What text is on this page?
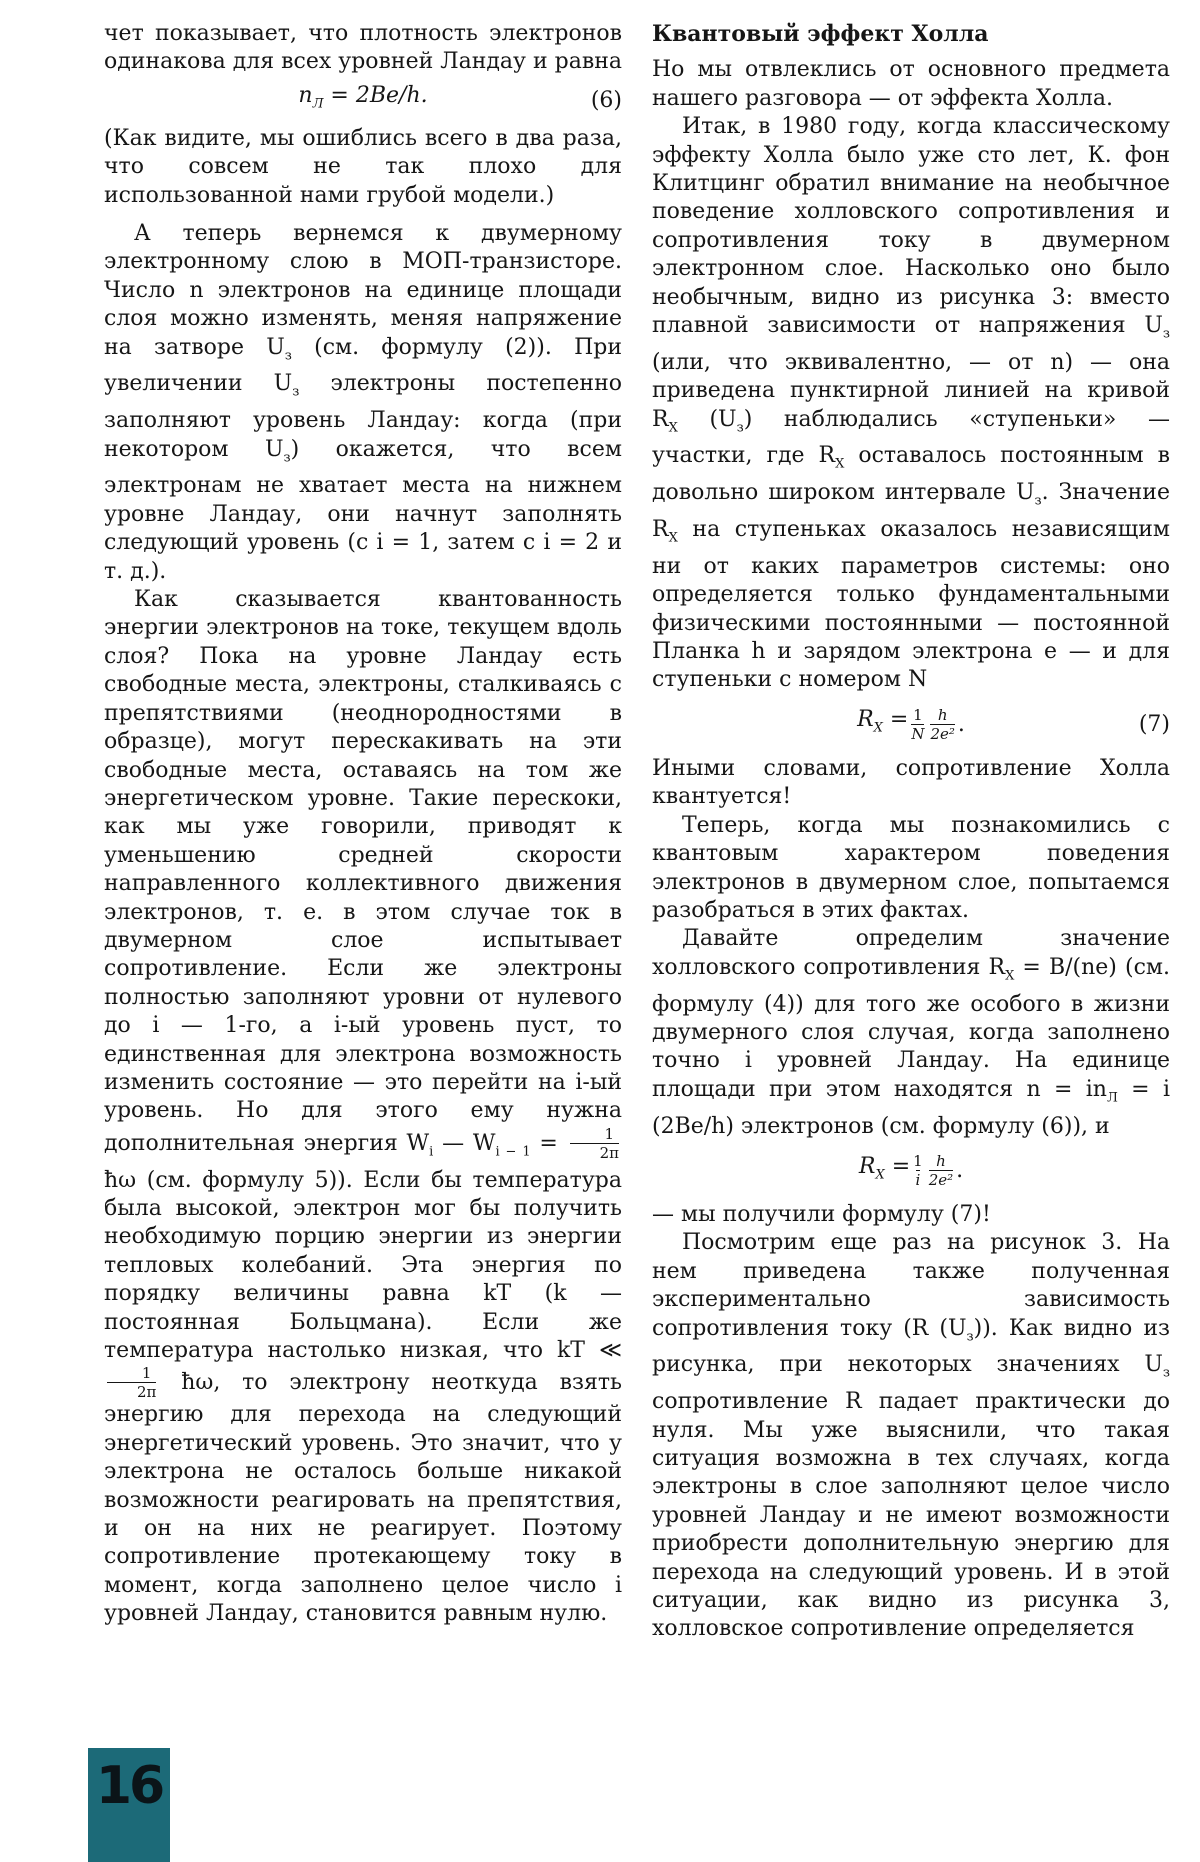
чет показывает, что плотность электронов одинакова для всех уровней Ландау и равна

$n_Л = 2Be/h$.	(6)

(Как видите, мы ошиблись всего в два раза, что совсем не так плохо для использованной нами грубой модели.)

А теперь вернемся к двумерному электронному слою в МОП-транзисторе. Число n электронов на единице площади слоя можно изменять, меняя напряжение на затворе $U_з$ (см. формулу (2)). При увеличении $U_з$ электроны постепенно заполняют уровень Ландау: когда (при некотором $U_з$) окажется, что всем электронам не хватает места на нижнем уровне Ландау, они начнут заполнять следующий уровень (с i = 1, затем с i = 2 и т. д.).

Как сказывается квантованность энергии электронов на токе, текущем вдоль слоя? Пока на уровне Ландау есть свободные места, электроны, сталкиваясь с препятствиями (неоднородностями в образце), могут перескакивать на эти свободные места, оставаясь на том же энергетическом уровне. Такие перескоки, как мы уже говорили, приводят к уменьшению средней скорости направленного коллективного движения электронов, т. е. в этом случае ток в двумерном слое испытывает сопротивление. Если же электроны полностью заполняют уровни от нулевого до i — 1-го, а i-ый уровень пуст, то единственная для электрона возможность изменить состояние — это перейти на i-ый уровень. Но для этого ему нужна дополнительная энергия $W_i$ — $W_{i - 1} = \frac{1}{2\pi}$
ħω (см. формулу 5)). Если бы температура была высокой, электрон мог бы получить необходимую порцию энергии из энергии тепловых колебаний. Эта энергия по порядку величины равна kT (k — постоянная Больцмана). Если же температура настолько низкая, что kT ≪
$\frac{1}{2\pi}$ ħω, то электрону неоткуда взять энергию для перехода на следующий энергетический уровень. Это значит, что у электрона не осталось больше никакой возможности реагировать на препятствия, и он на них не реагирует. Поэтому сопротивление протекающему току в момент, когда заполнено целое число i уровней Ландау, становится равным нулю.

Квантовый эффект Холла

Но мы отвлеклись от основного предмета нашего разговора — от эффекта Холла.

Итак, в 1980 году, когда классическому эффекту Холла было уже сто лет, К. фон Клитцинг обратил внимание на необычное поведение холловского сопротивления и сопротивления току в двумерном электронном слое. Насколько оно было необычным, видно из рисунка 3: вместо плавной зависимости от напряжения $U_з$ (или, что эквивалентно, — от n) — она приведена пунктирной линией на кривой $R_X$ $(U_з)$ наблюдались «ступеньки» — участки, где $R_X$ оставалось постоянным в довольно широком интервале $U_з$. Значение $R_X$ на ступеньках оказалось независящим ни от каких параметров системы: оно определяется только фундаментальными физическими постоянными — постоянной Планка h и зарядом электрона e — и для ступеньки с номером N

$R_X = \frac{1}{N} \frac{h}{\text{2e²}}$ .	(7)

Иными словами, сопротивление Холла квантуется!

Теперь, когда мы познакомились с квантовым характером поведения электронов в двумерном слое, попытаемся разобраться в этих фактах.

Давайте определим значение холловского сопротивления $R_X = B/(ne)$ (см. формулу (4)) для того же особого в жизни двумерного слоя случая, когда заполнено точно i уровней Ландау. На единице площади при этом находятся $n = in_Л = i$ (2Be/h) электронов (см. формулу (6)), и

$R_X = \frac{1}{i} \frac{h}{\text{2e²}}$ .

— мы получили формулу (7)!

Посмотрим еще раз на рисунок 3. На нем приведена также полученная экспериментально зависимость сопротивления току (R $(U_з)$). Как видно из рисунка, при некоторых значениях $U_з$ сопротивление R падает практически до нуля. Мы уже выяснили, что такая ситуация возможна в тех случаях, когда электроны в слое заполняют целое число уровней Ландау и не имеют возможности приобрести дополнительную энергию для перехода на следующий уровень. И в этой ситуации, как видно из рисунка 3, холловское сопротивление определяется

16
